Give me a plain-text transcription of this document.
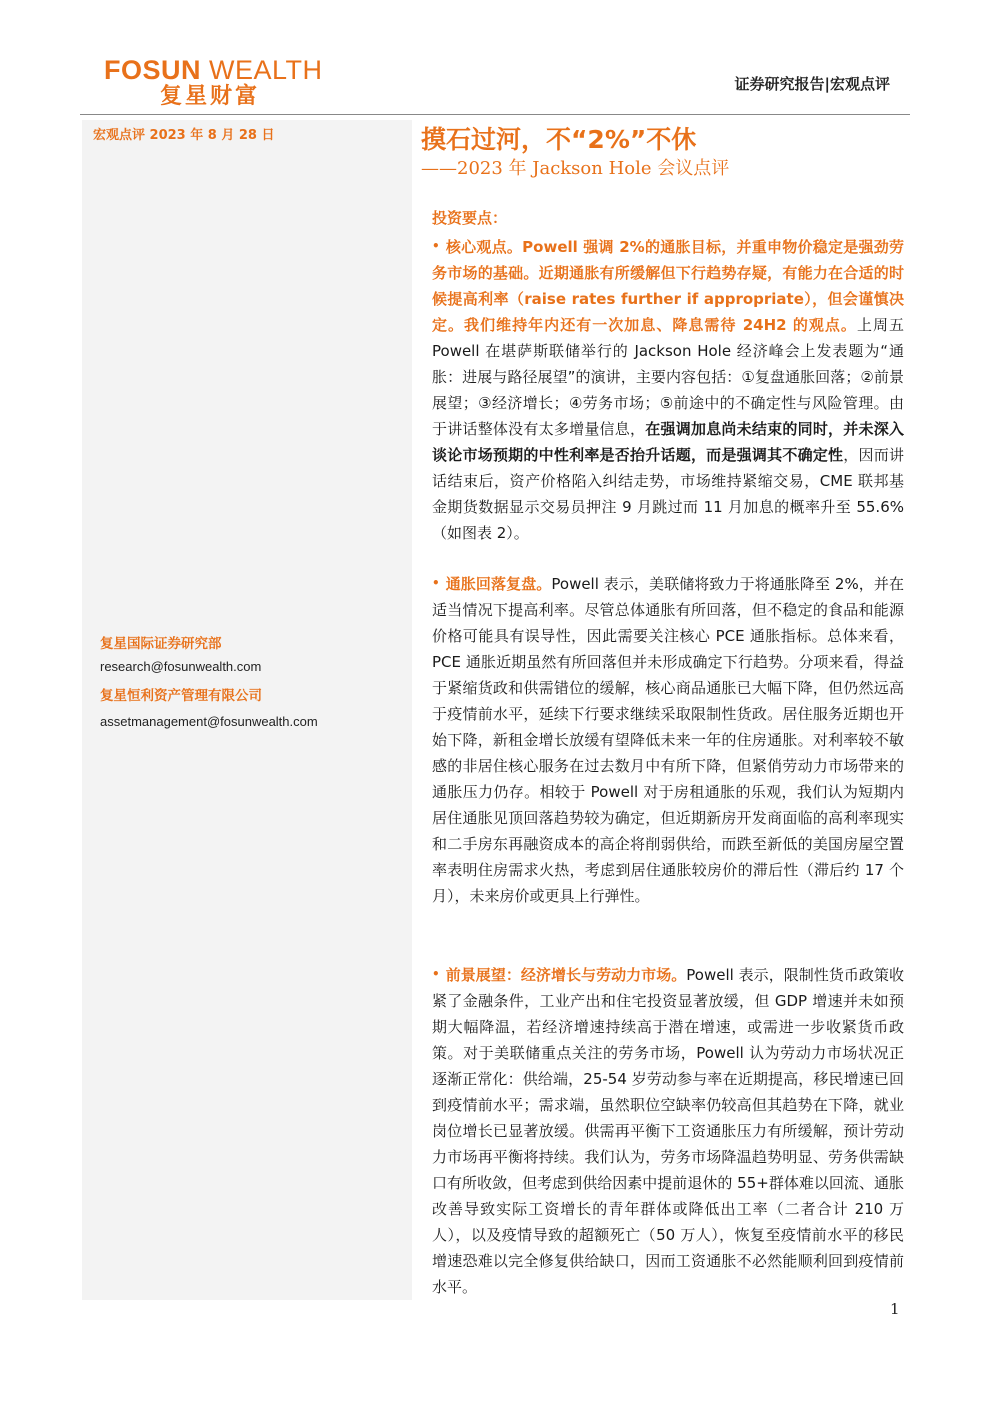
FOSUN WEALTH
复星财富	证券研究报告|宏观点评
宏观点评 2023 年 8 月 28 日
复星国际证券研究部
research@fosunwealth.com
复星恒利资产管理有限公司
assetmanagement@fosunwealth.com
摸石过河，不“2%”不休
——2023 年 Jackson Hole 会议点评
投资要点：
• 核心观点。Powell 强调 2%的通胀目标，并重申物价稳定是强劲劳务市场的基础。近期通胀有所缓解但下行趋势存疑，有能力在合适的时候提高利率（raise rates further if appropriate），但会谨慎决定。我们维持年内还有一次加息、降息需待 24H2 的观点。上周五 Powell 在堪萨斯联储举行的 Jackson Hole 经济峰会上发表题为“通胀：进展与路径展望”的演讲，主要内容包括：①复盘通胀回落；②前景展望；③经济增长；④劳务市场；⑤前途中的不确定性与风险管理。由于讲话整体没有太多增量信息，在强调加息尚未结束的同时，并未深入谈论市场预期的中性利率是否抬升话题，而是强调其不确定性，因而讲话结束后，资产价格陷入纠结走势，市场维持紧缩交易，CME 联邦基金期货数据显示交易员押注 9 月跳过而 11 月加息的概率升至 55.6%（如图表 2）。
• 通胀回落复盘。Powell 表示，美联储将致力于将通胀降至 2%，并在适当情况下提高利率。尽管总体通胀有所回落，但不稳定的食品和能源价格可能具有误导性，因此需要关注核心 PCE 通胀指标。总体来看，PCE 通胀近期虽然有所回落但并未形成确定下行趋势。分项来看，得益于紧缩货政和供需错位的缓解，核心商品通胀已大幅下降，但仍然远高于疫情前水平，延续下行要求继续采取限制性货政。居住服务近期也开始下降，新租金增长放缓有望降低未来一年的住房通胀。对利率较不敏感的非居住核心服务在过去数月中有所下降，但紧俏劳动力市场带来的通胀压力仍存。相较于 Powell 对于房租通胀的乐观，我们认为短期内居住通胀见顶回落趋势较为确定，但近期新房开发商面临的高利率现实和二手房东再融资成本的高企将削弱供给，而跌至新低的美国房屋空置率表明住房需求火热，考虑到居住通胀较房价的滞后性（滞后约 17 个月），未来房价或更具上行弹性。
• 前景展望：经济增长与劳动力市场。Powell 表示，限制性货币政策收紧了金融条件，工业产出和住宅投资显著放缓，但 GDP 增速并未如预期大幅降温，若经济增速持续高于潜在增速，或需进一步收紧货币政策。对于美联储重点关注的劳务市场，Powell 认为劳动力市场状况正逐渐正常化：供给端，25-54 岁劳动参与率在近期提高，移民增速已回到疫情前水平；需求端，虽然职位空缺率仍较高但其趋势在下降，就业岗位增长已显著放缓。供需再平衡下工资通胀压力有所缓解，预计劳动力市场再平衡将持续。我们认为，劳务市场降温趋势明显、劳务供需缺口有所收敛，但考虑到供给因素中提前退休的 55+群体难以回流、通胀改善导致实际工资增长的青年群体或降低出工率（二者合计 210 万人），以及疫情导致的超额死亡（50 万人），恢复至疫情前水平的移民增速恐难以完全修复供给缺口，因而工资通胀不必然能顺利回到疫情前水平。
1
